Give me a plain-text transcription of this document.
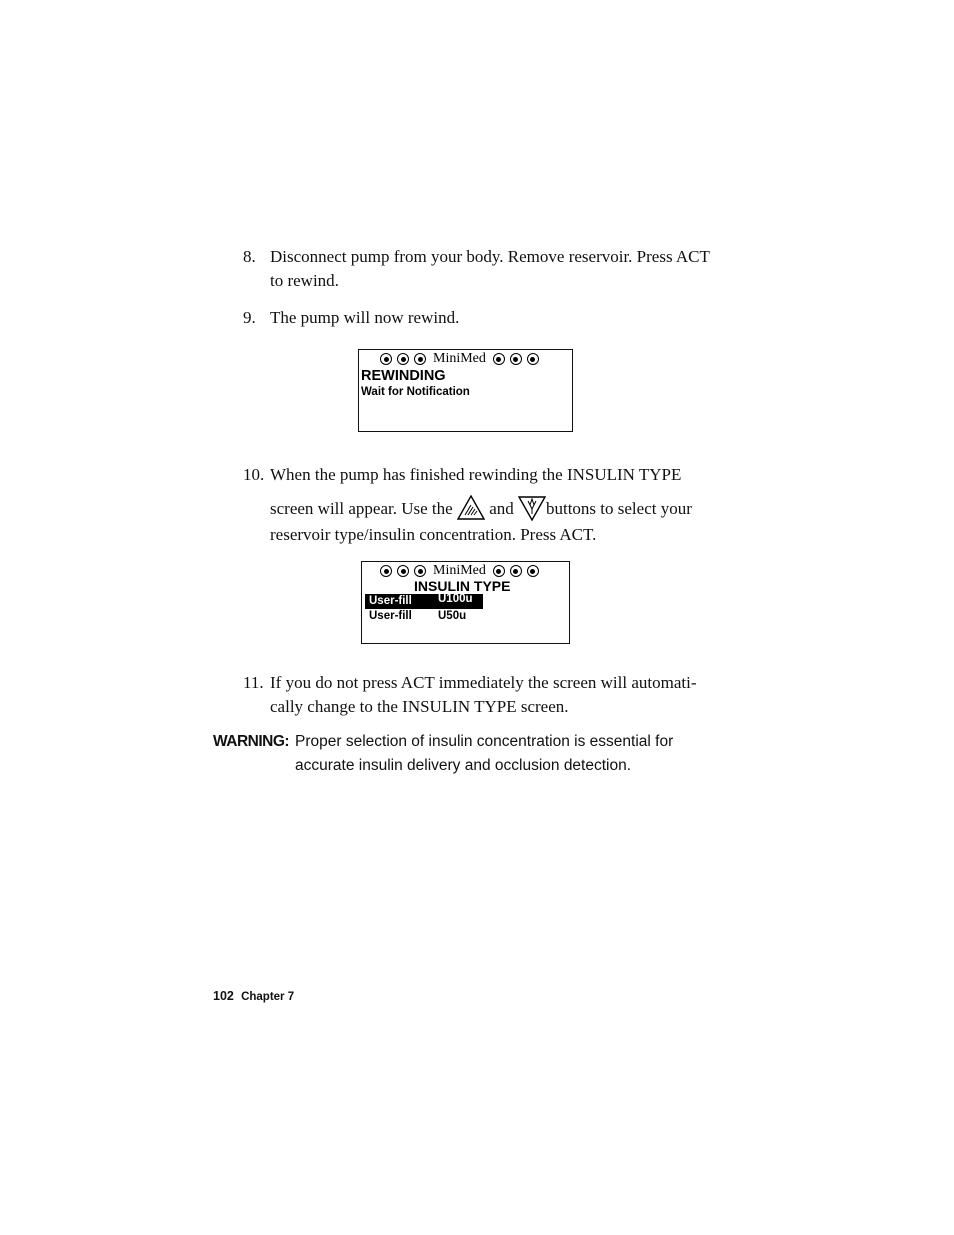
8. Disconnect pump from your body. Remove reservoir. Press ACT
to rewind.
9. The pump will now rewind.
MiniMed
REWINDING
Wait for Notification
10. When the pump has finished rewinding the INSULIN TYPE
screen will appear. Use the and buttons to select your
reservoir type/insulin concentration. Press ACT.
MiniMed
INSULIN TYPE
User-fill U100u
User-fill U50u
11. If you do not press ACT immediately the screen will automati-
cally change to the INSULIN TYPE screen.
WARNING: Proper selection of insulin concentration is essential for
accurate insulin delivery and occlusion detection.
102 Chapter 7
